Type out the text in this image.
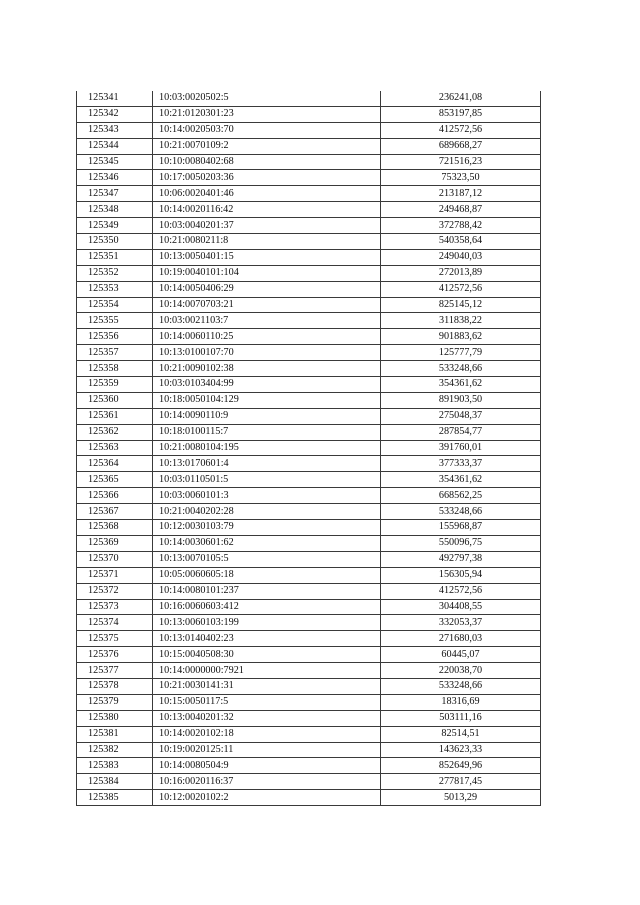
125341	10:03:0020502:5	236241,08
125342	10:21:0120301:23	853197,85
125343	10:14:0020503:70	412572,56
125344	10:21:0070109:2	689668,27
125345	10:10:0080402:68	721516,23
125346	10:17:0050203:36	75323,50
125347	10:06:0020401:46	213187,12
125348	10:14:0020116:42	249468,87
125349	10:03:0040201:37	372788,42
125350	10:21:0080211:8	540358,64
125351	10:13:0050401:15	249040,03
125352	10:19:0040101:104	272013,89
125353	10:14:0050406:29	412572,56
125354	10:14:0070703:21	825145,12
125355	10:03:0021103:7	311838,22
125356	10:14:0060110:25	901883,62
125357	10:13:0100107:70	125777,79
125358	10:21:0090102:38	533248,66
125359	10:03:0103404:99	354361,62
125360	10:18:0050104:129	891903,50
125361	10:14:0090110:9	275048,37
125362	10:18:0100115:7	287854,77
125363	10:21:0080104:195	391760,01
125364	10:13:0170601:4	377333,37
125365	10:03:0110501:5	354361,62
125366	10:03:0060101:3	668562,25
125367	10:21:0040202:28	533248,66
125368	10:12:0030103:79	155968,87
125369	10:14:0030601:62	550096,75
125370	10:13:0070105:5	492797,38
125371	10:05:0060605:18	156305,94
125372	10:14:0080101:237	412572,56
125373	10:16:0060603:412	304408,55
125374	10:13:0060103:199	332053,37
125375	10:13:0140402:23	271680,03
125376	10:15:0040508:30	60445,07
125377	10:14:0000000:7921	220038,70
125378	10:21:0030141:31	533248,66
125379	10:15:0050117:5	18316,69
125380	10:13:0040201:32	503111,16
125381	10:14:0020102:18	82514,51
125382	10:19:0020125:11	143623,33
125383	10:14:0080504:9	852649,96
125384	10:16:0020116:37	277817,45
125385	10:12:0020102:2	5013,29
